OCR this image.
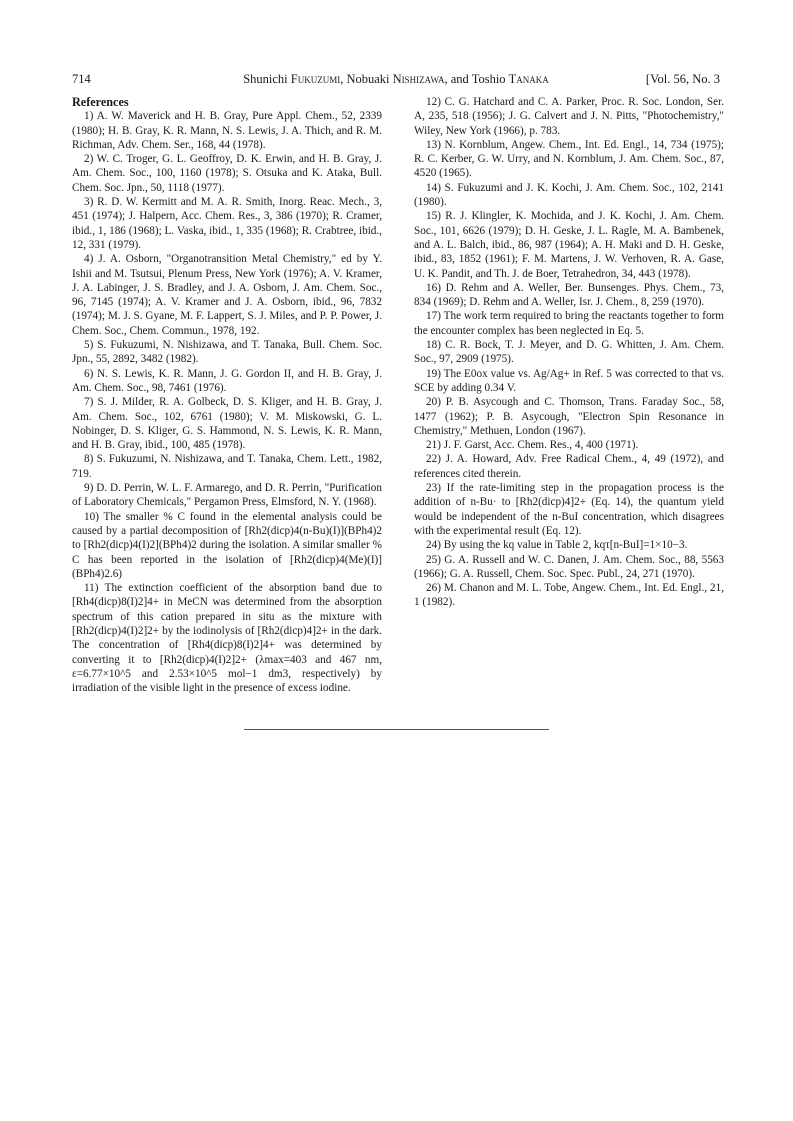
714	Shunichi Fukuzumi, Nobuaki Nishizawa, and Toshio Tanaka	[Vol. 56, No. 3

References

1) A. W. Maverick and H. B. Gray, Pure Appl. Chem., 52, 2339 (1980); H. B. Gray, K. R. Mann, N. S. Lewis, J. A. Thich, and R. M. Richman, Adv. Chem. Ser., 168, 44 (1978).

2) W. C. Troger, G. L. Geoffroy, D. K. Erwin, and H. B. Gray, J. Am. Chem. Soc., 100, 1160 (1978); S. Otsuka and K. Ataka, Bull. Chem. Soc. Jpn., 50, 1118 (1977).

3) R. D. W. Kermitt and M. A. R. Smith, Inorg. Reac. Mech., 3, 451 (1974); J. Halpern, Acc. Chem. Res., 3, 386 (1970); R. Cramer, ibid., 1, 186 (1968); L. Vaska, ibid., 1, 335 (1968); R. Crabtree, ibid., 12, 331 (1979).

4) J. A. Osborn, "Organotransition Metal Chemistry," ed by Y. Ishii and M. Tsutsui, Plenum Press, New York (1976); A. V. Kramer, J. A. Labinger, J. S. Bradley, and J. A. Osborn, J. Am. Chem. Soc., 96, 7145 (1974); A. V. Kramer and J. A. Osborn, ibid., 96, 7832 (1974); M. J. S. Gyane, M. F. Lappert, S. J. Miles, and P. P. Power, J. Chem. Soc., Chem. Commun., 1978, 192.

5) S. Fukuzumi, N. Nishizawa, and T. Tanaka, Bull. Chem. Soc. Jpn., 55, 2892, 3482 (1982).

6) N. S. Lewis, K. R. Mann, J. G. Gordon II, and H. B. Gray, J. Am. Chem. Soc., 98, 7461 (1976).

7) S. J. Milder, R. A. Golbeck, D. S. Kliger, and H. B. Gray, J. Am. Chem. Soc., 102, 6761 (1980); V. M. Miskowski, G. L. Nobinger, D. S. Kliger, G. S. Hammond, N. S. Lewis, K. R. Mann, and H. B. Gray, ibid., 100, 485 (1978).

8) S. Fukuzumi, N. Nishizawa, and T. Tanaka, Chem. Lett., 1982, 719.

9) D. D. Perrin, W. L. F. Armarego, and D. R. Perrin, "Purification of Laboratory Chemicals," Pergamon Press, Elmsford, N. Y. (1968).

10) The smaller % C found in the elemental analysis could be caused by a partial decomposition of [Rh2(dicp)4(n-Bu)(I)](BPh4)2 to [Rh2(dicp)4(I)2](BPh4)2 during the isolation. A similar smaller % C has been reported in the isolation of [Rh2(dicp)4(Me)(I)](BPh4)2.6)

11) The extinction coefficient of the absorption band due to [Rh4(dicp)8(I)2]4+ in MeCN was determined from the absorption spectrum of this cation prepared in situ as the mixture with [Rh2(dicp)4(I)2]2+ by the iodinolysis of [Rh2(dicp)4]2+ in the dark. The concentration of [Rh4(dicp)8(I)2]4+ was determined by converting it to [Rh2(dicp)4(I)2]2+ (λmax=403 and 467 nm, ε=6.77×10^5 and 2.53×10^5 mol−1 dm3, respectively) by irradiation of the visible light in the presence of excess iodine.

12) C. G. Hatchard and C. A. Parker, Proc. R. Soc. London, Ser. A, 235, 518 (1956); J. G. Calvert and J. N. Pitts, "Photochemistry," Wiley, New York (1966), p. 783.

13) N. Kornblum, Angew. Chem., Int. Ed. Engl., 14, 734 (1975); R. C. Kerber, G. W. Urry, and N. Kornblum, J. Am. Chem. Soc., 87, 4520 (1965).

14) S. Fukuzumi and J. K. Kochi, J. Am. Chem. Soc., 102, 2141 (1980).

15) R. J. Klingler, K. Mochida, and J. K. Kochi, J. Am. Chem. Soc., 101, 6626 (1979); D. H. Geske, J. L. Ragle, M. A. Bambenek, and A. L. Balch, ibid., 86, 987 (1964); A. H. Maki and D. H. Geske, ibid., 83, 1852 (1961); F. M. Martens, J. W. Verhoven, R. A. Gase, U. K. Pandit, and Th. J. de Boer, Tetrahedron, 34, 443 (1978).

16) D. Rehm and A. Weller, Ber. Bunsenges. Phys. Chem., 73, 834 (1969); D. Rehm and A. Weller, Isr. J. Chem., 8, 259 (1970).

17) The work term required to bring the reactants together to form the encounter complex has been neglected in Eq. 5.

18) C. R. Bock, T. J. Meyer, and D. G. Whitten, J. Am. Chem. Soc., 97, 2909 (1975).

19) The E0ox value vs. Ag/Ag+ in Ref. 5 was corrected to that vs. SCE by adding 0.34 V.

20) P. B. Asycough and C. Thomson, Trans. Faraday Soc., 58, 1477 (1962); P. B. Asycough, "Electron Spin Resonance in Chemistry," Methuen, London (1967).

21) J. F. Garst, Acc. Chem. Res., 4, 400 (1971).

22) J. A. Howard, Adv. Free Radical Chem., 4, 49 (1972), and references cited therein.

23) If the rate-limiting step in the propagation process is the addition of n-Bu· to [Rh2(dicp)4]2+ (Eq. 14), the quantum yield would be independent of the n-BuI concentration, which disagrees with the experimental result (Eq. 12).

24) By using the kq value in Table 2, kqτ[n-BuI]=1×10−3.

25) G. A. Russell and W. C. Danen, J. Am. Chem. Soc., 88, 5563 (1966); G. A. Russell, Chem. Soc. Spec. Publ., 24, 271 (1970).

26) M. Chanon and M. L. Tobe, Angew. Chem., Int. Ed. Engl., 21, 1 (1982).
